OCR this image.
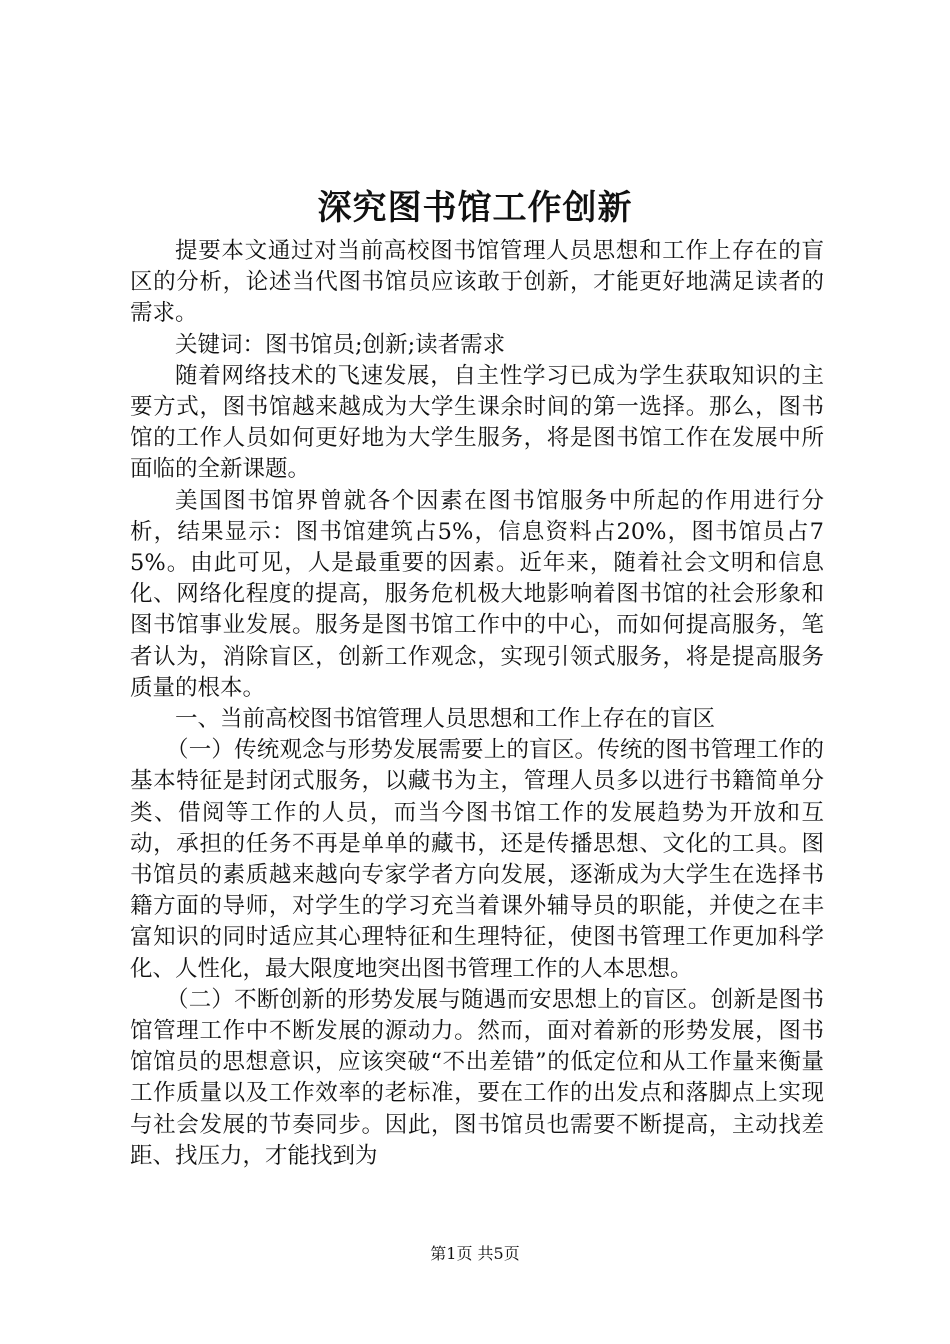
深究图书馆工作创新

提要本文通过对当前高校图书馆管理人员思想和工作上存在的盲区的分析，论述当代图书馆员应该敢于创新，才能更好地满足读者的需求。

关键词：图书馆员;创新;读者需求

随着网络技术的飞速发展，自主性学习已成为学生获取知识的主要方式，图书馆越来越成为大学生课余时间的第一选择。那么，图书馆的工作人员如何更好地为大学生服务，将是图书馆工作在发展中所面临的全新课题。

美国图书馆界曾就各个因素在图书馆服务中所起的作用进行分析，结果显示：图书馆建筑占5%，信息资料占20%，图书馆员占75%。由此可见，人是最重要的因素。近年来，随着社会文明和信息化、网络化程度的提高，服务危机极大地影响着图书馆的社会形象和图书馆事业发展。服务是图书馆工作中的中心，而如何提高服务，笔者认为，消除盲区，创新工作观念，实现引领式服务，将是提高服务质量的根本。

一、当前高校图书馆管理人员思想和工作上存在的盲区

（一）传统观念与形势发展需要上的盲区。传统的图书管理工作的基本特征是封闭式服务，以藏书为主，管理人员多以进行书籍简单分类、借阅等工作的人员，而当今图书馆工作的发展趋势为开放和互动，承担的任务不再是单单的藏书，还是传播思想、文化的工具。图书馆员的素质越来越向专家学者方向发展，逐渐成为大学生在选择书籍方面的导师，对学生的学习充当着课外辅导员的职能，并使之在丰富知识的同时适应其心理特征和生理特征，使图书管理工作更加科学化、人性化，最大限度地突出图书管理工作的人本思想。

（二）不断创新的形势发展与随遇而安思想上的盲区。创新是图书馆管理工作中不断发展的源动力。然而，面对着新的形势发展，图书馆馆员的思想意识，应该突破“不出差错”的低定位和从工作量来衡量工作质量以及工作效率的老标准，要在工作的出发点和落脚点上实现与社会发展的节奏同步。因此，图书馆员也需要不断提高，主动找差距、找压力，才能找到为

第1页 共5页
